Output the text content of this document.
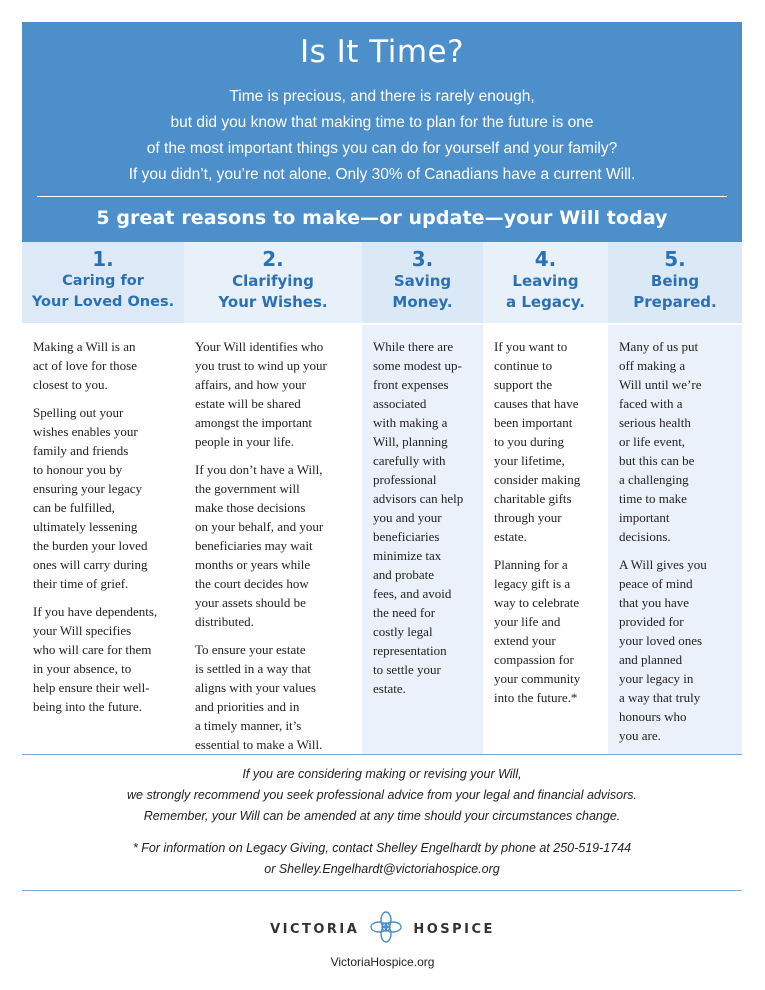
Is It Time?
Time is precious, and there is rarely enough,
but did you know that making time to plan for the future is one
of the most important things you can do for yourself and your family?
If you didn’t, you’re not alone. Only 30% of Canadians have a current Will.
5 great reasons to make—or update—your Will today
1.
Caring for
Your Loved Ones.

Making a Will is an
act of love for those
closest to you.

Spelling out your
wishes enables your
family and friends
to honour you by
ensuring your legacy
can be fulfilled,
ultimately lessening
the burden your loved
ones will carry during
their time of grief.

If you have dependents,
your Will specifies
who will care for them
in your absence, to
help ensure their well-
being into the future.

2.
Clarifying
Your Wishes.

Your Will identifies who
you trust to wind up your
affairs, and how your
estate will be shared
amongst the important
people in your life.

If you don’t have a Will,
the government will
make those decisions
on your behalf, and your
beneficiaries may wait
months or years while
the court decides how
your assets should be
distributed.

To ensure your estate
is settled in a way that
aligns with your values
and priorities and in
a timely manner, it’s
essential to make a Will.

3.
Saving
Money.

While there are
some modest up-
front expenses
associated
with making a
Will, planning
carefully with
professional
advisors can help
you and your
beneficiaries
minimize tax
and probate
fees, and avoid
the need for
costly legal
representation
to settle your
estate.

4.
Leaving
a Legacy.

If you want to
continue to
support the
causes that have
been important
to you during
your lifetime,
consider making
charitable gifts
through your
estate.

Planning for a
legacy gift is a
way to celebrate
your life and
extend your
compassion for
your community
into the future.*

5.
Being
Prepared.

Many of us put
off making a
Will until we’re
faced with a
serious health
or life event,
but this can be
a challenging
time to make
important
decisions.

A Will gives you
peace of mind
that you have
provided for
your loved ones
and planned
your legacy in
a way that truly
honours who
you are.

If you are considering making or revising your Will,
we strongly recommend you seek professional advice from your legal and financial advisors.
Remember, your Will can be amended at any time should your circumstances change.
* For information on Legacy Giving, contact Shelley Engelhardt by phone at 250-519-1744
or Shelley.Engelhardt@victoriahospice.org
VICTORIA	HOSPICE
VictoriaHospice.org
